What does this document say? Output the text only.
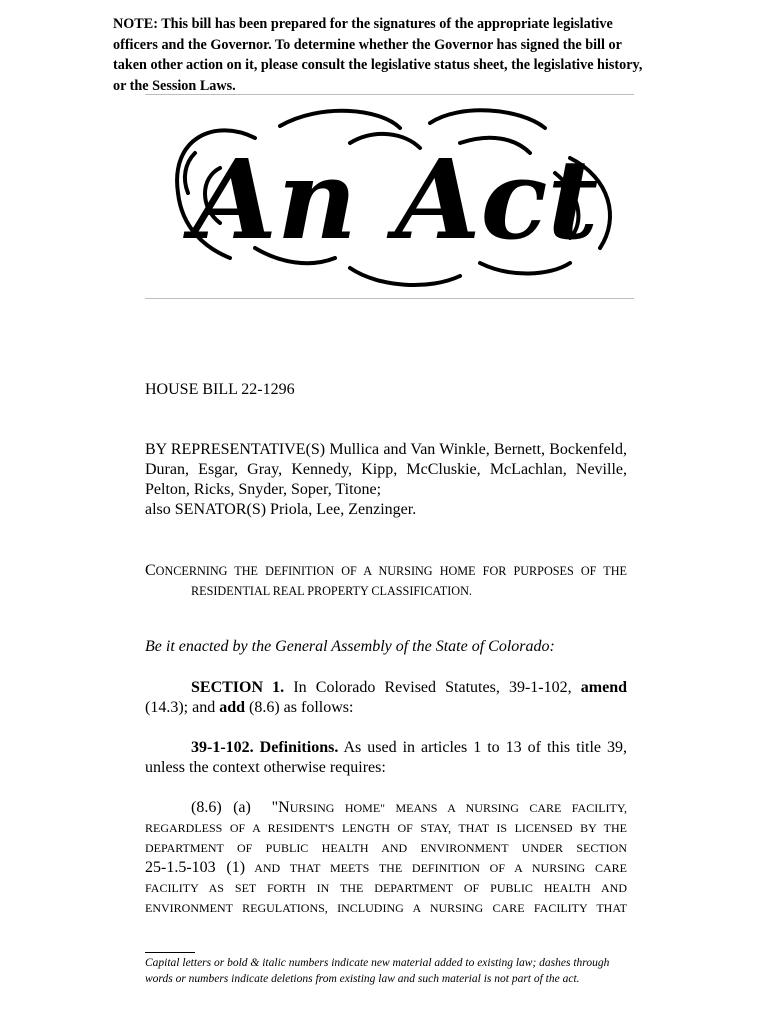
NOTE: This bill has been prepared for the signatures of the appropriate legislative officers and the Governor. To determine whether the Governor has signed the bill or taken other action on it, please consult the legislative status sheet, the legislative history, or the Session Laws.
An Act
HOUSE BILL 22-1296
BY REPRESENTATIVE(S) Mullica and Van Winkle, Bernett, Bockenfeld,
Duran, Esgar, Gray, Kennedy, Kipp, McCluskie, McLachlan, Neville,
Pelton, Ricks, Snyder, Soper, Titone;
also SENATOR(S) Priola, Lee, Zenzinger.
CONCERNING THE DEFINITION OF A NURSING HOME FOR PURPOSES OF THE
RESIDENTIAL REAL PROPERTY CLASSIFICATION.
Be it enacted by the General Assembly of the State of Colorado:
SECTION 1. In Colorado Revised Statutes, 39-1-102, amend
(14.3); and add (8.6) as follows:
39-1-102. Definitions. As used in articles 1 to 13 of this title 39,
unless the context otherwise requires:
(8.6) (a) "NURSING HOME" MEANS A NURSING CARE FACILITY,
REGARDLESS OF A RESIDENT'S LENGTH OF STAY, THAT IS LICENSED BY THE
DEPARTMENT OF PUBLIC HEALTH AND ENVIRONMENT UNDER SECTION
25-1.5-103 (1) AND THAT MEETS THE DEFINITION OF A NURSING CARE
FACILITY AS SET FORTH IN THE DEPARTMENT OF PUBLIC HEALTH AND
ENVIRONMENT REGULATIONS, INCLUDING A NURSING CARE FACILITY THAT
Capital letters or bold & italic numbers indicate new material added to existing law; dashes through words or numbers indicate deletions from existing law and such material is not part of the act.
